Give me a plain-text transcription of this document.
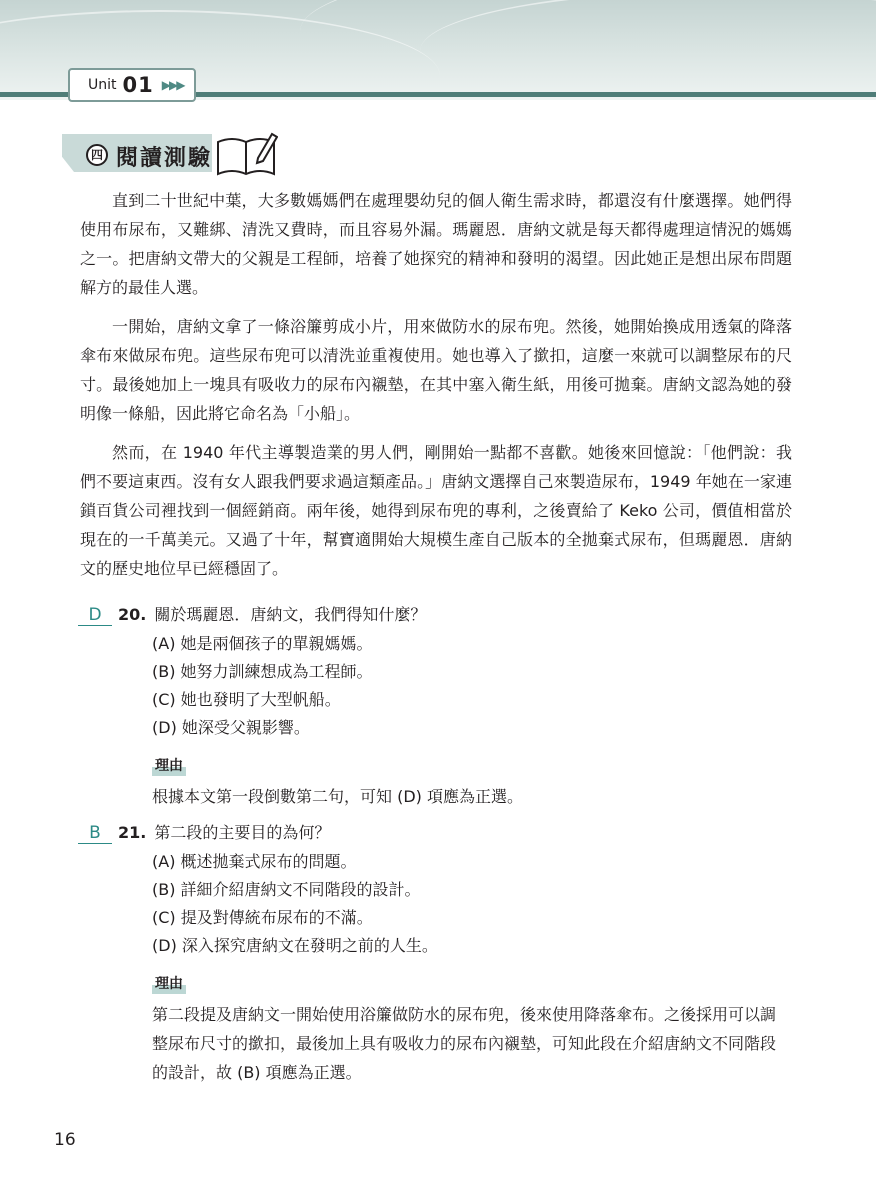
Unit 01 ▶▶▶
四 閱讀測驗

直到二十世紀中葉，大多數媽媽們在處理嬰幼兒的個人衛生需求時，都還沒有什麼選擇。她們得使用布尿布，又難綁、清洗又費時，而且容易外漏。瑪麗恩．唐納文就是每天都得處理這情況的媽媽之一。把唐納文帶大的父親是工程師，培養了她探究的精神和發明的渴望。因此她正是想出尿布問題解方的最佳人選。

一開始，唐納文拿了一條浴簾剪成小片，用來做防水的尿布兜。然後，她開始換成用透氣的降落傘布來做尿布兜。這些尿布兜可以清洗並重複使用。她也導入了撳扣，這麼一來就可以調整尿布的尺寸。最後她加上一塊具有吸收力的尿布內襯墊，在其中塞入衛生紙，用後可拋棄。唐納文認為她的發明像一條船，因此將它命名為「小船」。

然而，在 1940 年代主導製造業的男人們，剛開始一點都不喜歡。她後來回憶說：「他們說：我們不要這東西。沒有女人跟我們要求過這類產品。」唐納文選擇自己來製造尿布，1949 年她在一家連鎖百貨公司裡找到一個經銷商。兩年後，她得到尿布兜的專利，之後賣給了 Keko 公司，價值相當於現在的一千萬美元。又過了十年，幫寶適開始大規模生產自己版本的全拋棄式尿布，但瑪麗恩．唐納文的歷史地位早已經穩固了。

D	20. 關於瑪麗恩．唐納文，我們得知什麼？
(A) 她是兩個孩子的單親媽媽。
(B) 她努力訓練想成為工程師。
(C) 她也發明了大型帆船。
(D) 她深受父親影響。
理由
根據本文第一段倒數第二句，可知 (D) 項應為正選。
B	21. 第二段的主要目的為何？
(A) 概述拋棄式尿布的問題。
(B) 詳細介紹唐納文不同階段的設計。
(C) 提及對傳統布尿布的不滿。
(D) 深入探究唐納文在發明之前的人生。
理由
第二段提及唐納文一開始使用浴簾做防水的尿布兜，後來使用降落傘布。之後採用可以調整尿布尺寸的撳扣，最後加上具有吸收力的尿布內襯墊，可知此段在介紹唐納文不同階段的設計，故 (B) 項應為正選。
16
